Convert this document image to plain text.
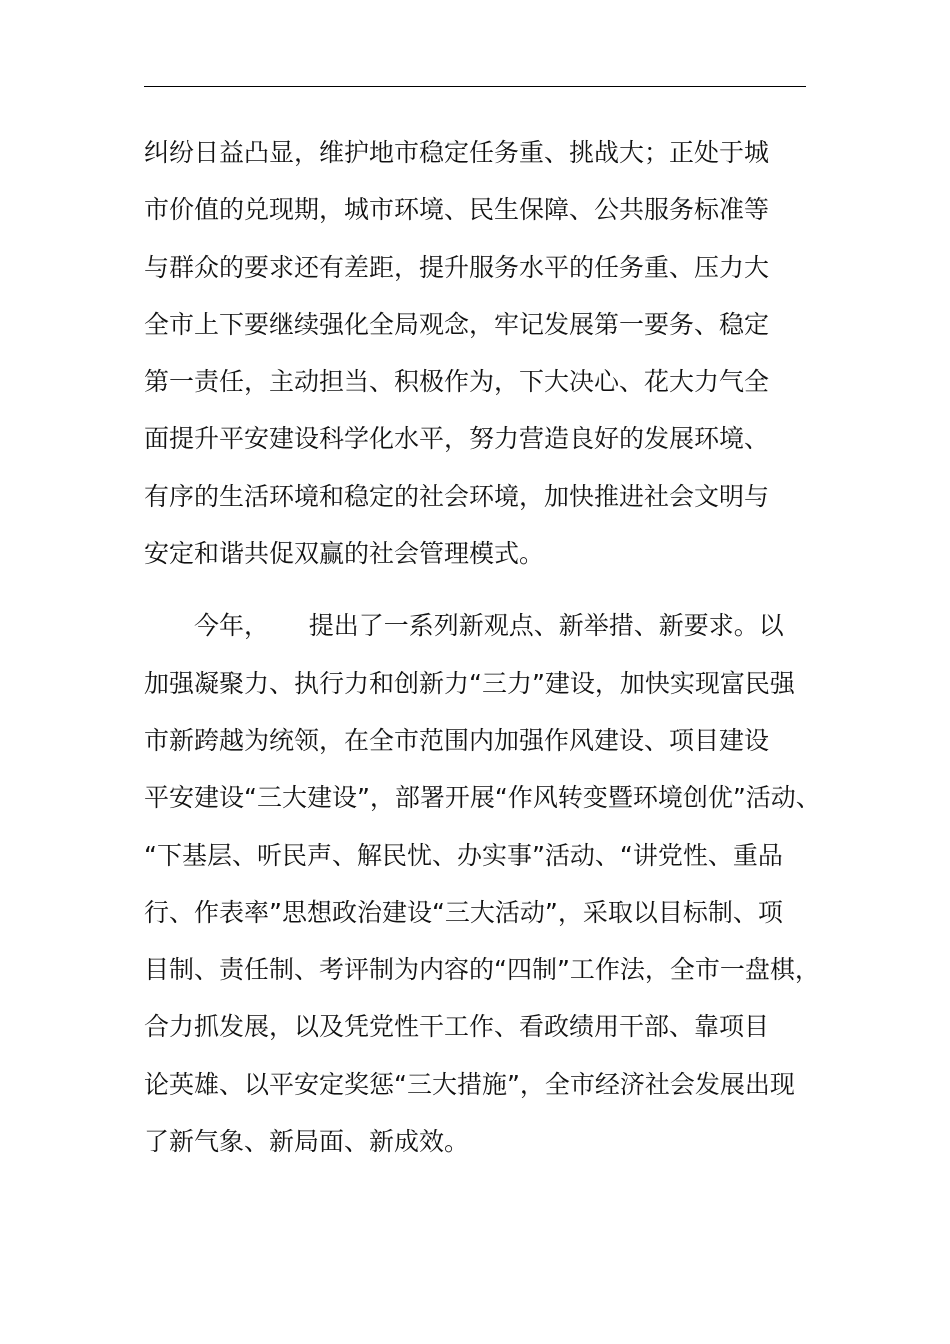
纠纷日益凸显，维护地市稳定任务重、挑战大；正处于城
市价值的兑现期，城市环境、民生保障、公共服务标准等
与群众的要求还有差距，提升服务水平的任务重、压力大
全市上下要继续强化全局观念，牢记发展第一要务、稳定
第一责任，主动担当、积极作为，下大决心、花大力气全
面提升平安建设科学化水平，努力营造良好的发展环境、
有序的生活环境和稳定的社会环境，加快推进社会文明与
安定和谐共促双赢的社会管理模式。
今年，     提出了一系列新观点、新举措、新要求。以
加强凝聚力、执行力和创新力“三力”建设，加快实现富民强
市新跨越为统领，在全市范围内加强作风建设、项目建设
平安建设“三大建设”，部署开展“作风转变暨环境创优”活动、
“下基层、听民声、解民忧、办实事”活动、“讲党性、重品
行、作表率”思想政治建设“三大活动”，采取以目标制、项
目制、责任制、考评制为内容的“四制”工作法，全市一盘棋，
合力抓发展，以及凭党性干工作、看政绩用干部、靠项目
论英雄、以平安定奖惩“三大措施”，全市经济社会发展出现
了新气象、新局面、新成效。
